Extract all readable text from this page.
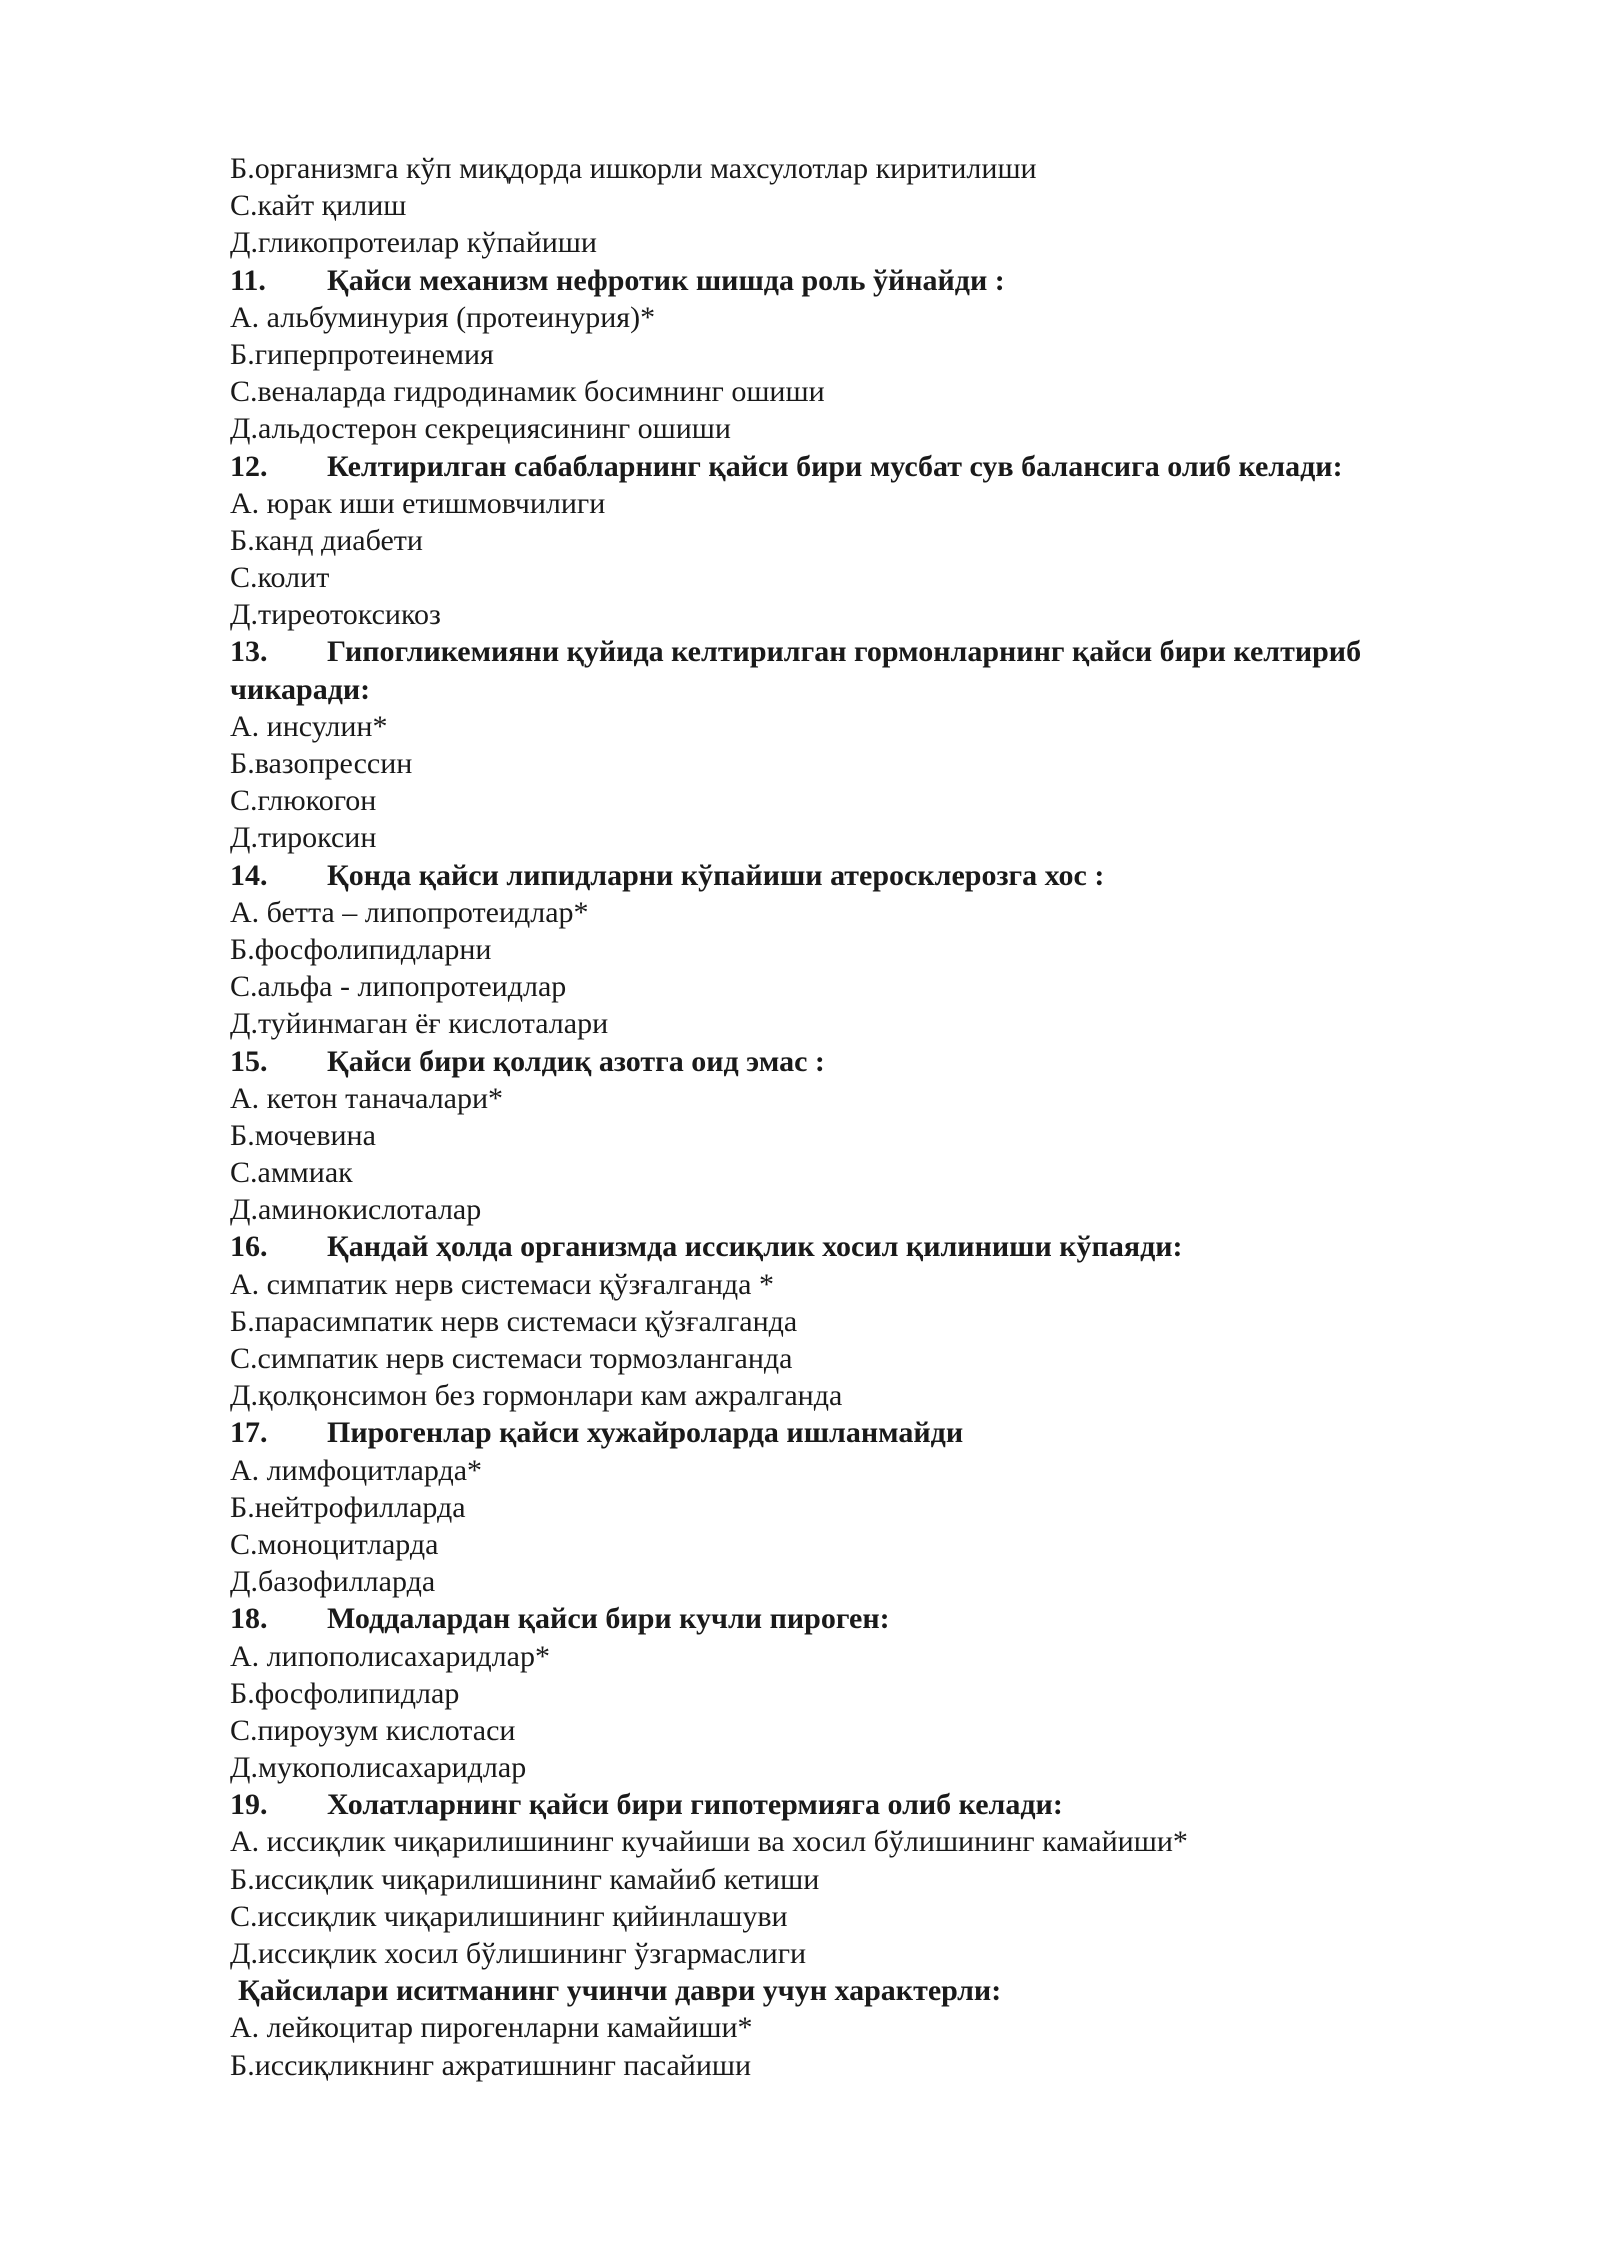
Б.организмга кўп миқдорда ишкорли махсулотлар киритилиши
С.кайт қилиш
Д.гликопротеилар кўпайиши
11.	Қайси механизм нефротик шишда роль ўйнайди :
А. альбуминурия (протеинурия)*
Б.гиперпротеинемия
С.веналарда гидродинамик босимнинг ошиши
Д.альдостерон секрециясининг ошиши
12.	Келтирилган сабабларнинг қайси бири мусбат сув балансига олиб келади:
А. юрак иши етишмовчилиги
Б.канд диабети
С.колит
Д.тиреотоксикоз
13. Гипогликемияни қуйида келтирилган гормонларнинг қайси бири келтириб чикаради:
А. инсулин*
Б.вазопрессин
С.глюкогон
Д.тироксин
14.	Қонда қайси липидларни кўпайиши атеросклерозга хос :
А. бетта – липопротеидлар*
Б.фосфолипидларни
С.альфа - липопротеидлар
Д.туйинмаган ёғ кислоталари
15.	Қайси бири қолдиқ азотга оид эмас :
А. кетон таначалари*
Б.мочевина
С.аммиак
Д.аминокислоталар
16.	Қандай ҳолда организмда иссиқлик хосил қилиниши кўпаяди:
А. симпатик нерв системаси қўзғалганда *
Б.парасимпатик нерв системаси қўзғалганда
С.симпатик нерв системаси тормозланганда
Д.қолқонсимон без гормонлари кам ажралганда
17.	Пирогенлар қайси хужайроларда ишланмайди
А. лимфоцитларда*
Б.нейтрофилларда
С.моноцитларда
Д.базофилларда
18.	Моддалардан қайси бири кучли пироген:
А. липополисахаридлар*
Б.фосфолипидлар
С.пироузум кислотаси
Д.мукополисахаридлар
19.	Холатларнинг қайси бири гипотермияга олиб келади:
А. иссиқлик чиқарилишининг кучайиши ва хосил бўлишининг камайиши*
Б.иссиқлик чиқарилишининг камайиб кетиши
С.иссиқлик чиқарилишининг қийинлашуви
Д.иссиқлик хосил бўлишининг ўзгармаслиги
Қайсилари иситманинг учинчи даври учун характерли:
А. лейкоцитар пирогенларни камайиши*
Б.иссиқликнинг ажратишнинг пасайиши
